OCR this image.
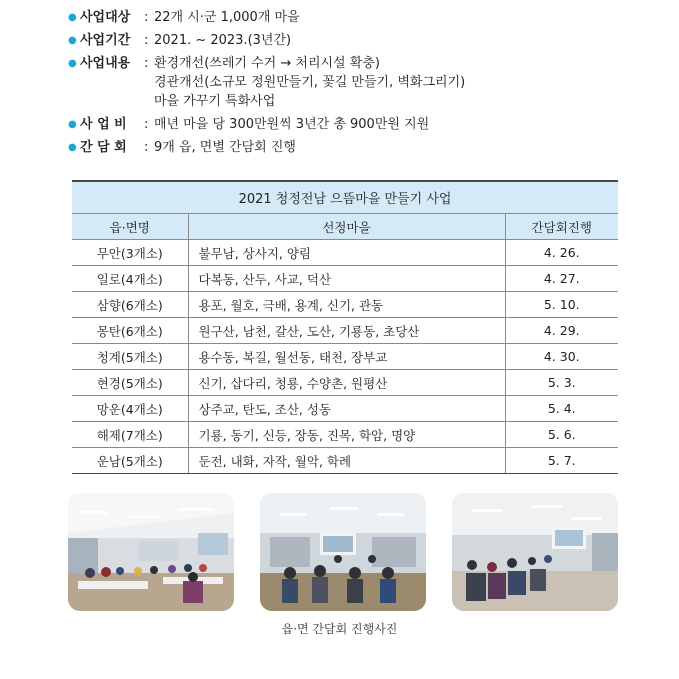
● 사업대상	: 22개 시·군 1,000개 마을
● 사업기간	: 2021. ~ 2023.(3년간)
● 사업내용	: 환경개선(쓰레기 수거 → 처리시설 확충)
경관개선(소규모 정원만들기, 꽃길 만들기, 벽화그리기)
마을 가꾸기 특화사업
● 사 업 비	: 매년 마을 당 300만원씩 3년간 총 900만원 지원
● 간 담 회	: 9개 읍, 면별 간담회 진행
2021 청정전남 으뜸마을 만들기 사업		
읍·면명	선정마을	간담회진행
무안(3개소)	불무남, 상사지, 양림	4. 26.
일로(4개소)	다복동, 산두, 사교, 덕산	4. 27.
삼향(6개소)	용포, 월호, 극배, 용계, 신기, 관동	5. 10.
몽탄(6개소)	원구산, 남천, 갈산, 도산, 기룡동, 초당산	4. 29.
청계(5개소)	용수동, 복길, 월선동, 태천, 장부교	4. 30.
현경(5개소)	신기, 삽다리, 청룡, 수양촌, 원평산	5. 3.
망운(4개소)	상주교, 탄도, 조산, 성동	5. 4.
해제(7개소)	기룡, 동기, 신등, 장동, 진목, 학암, 명양	5. 6.
운남(5개소)	둔전, 내화, 자작, 월악, 학례	5. 7.
읍·면 간담회 진행사진
